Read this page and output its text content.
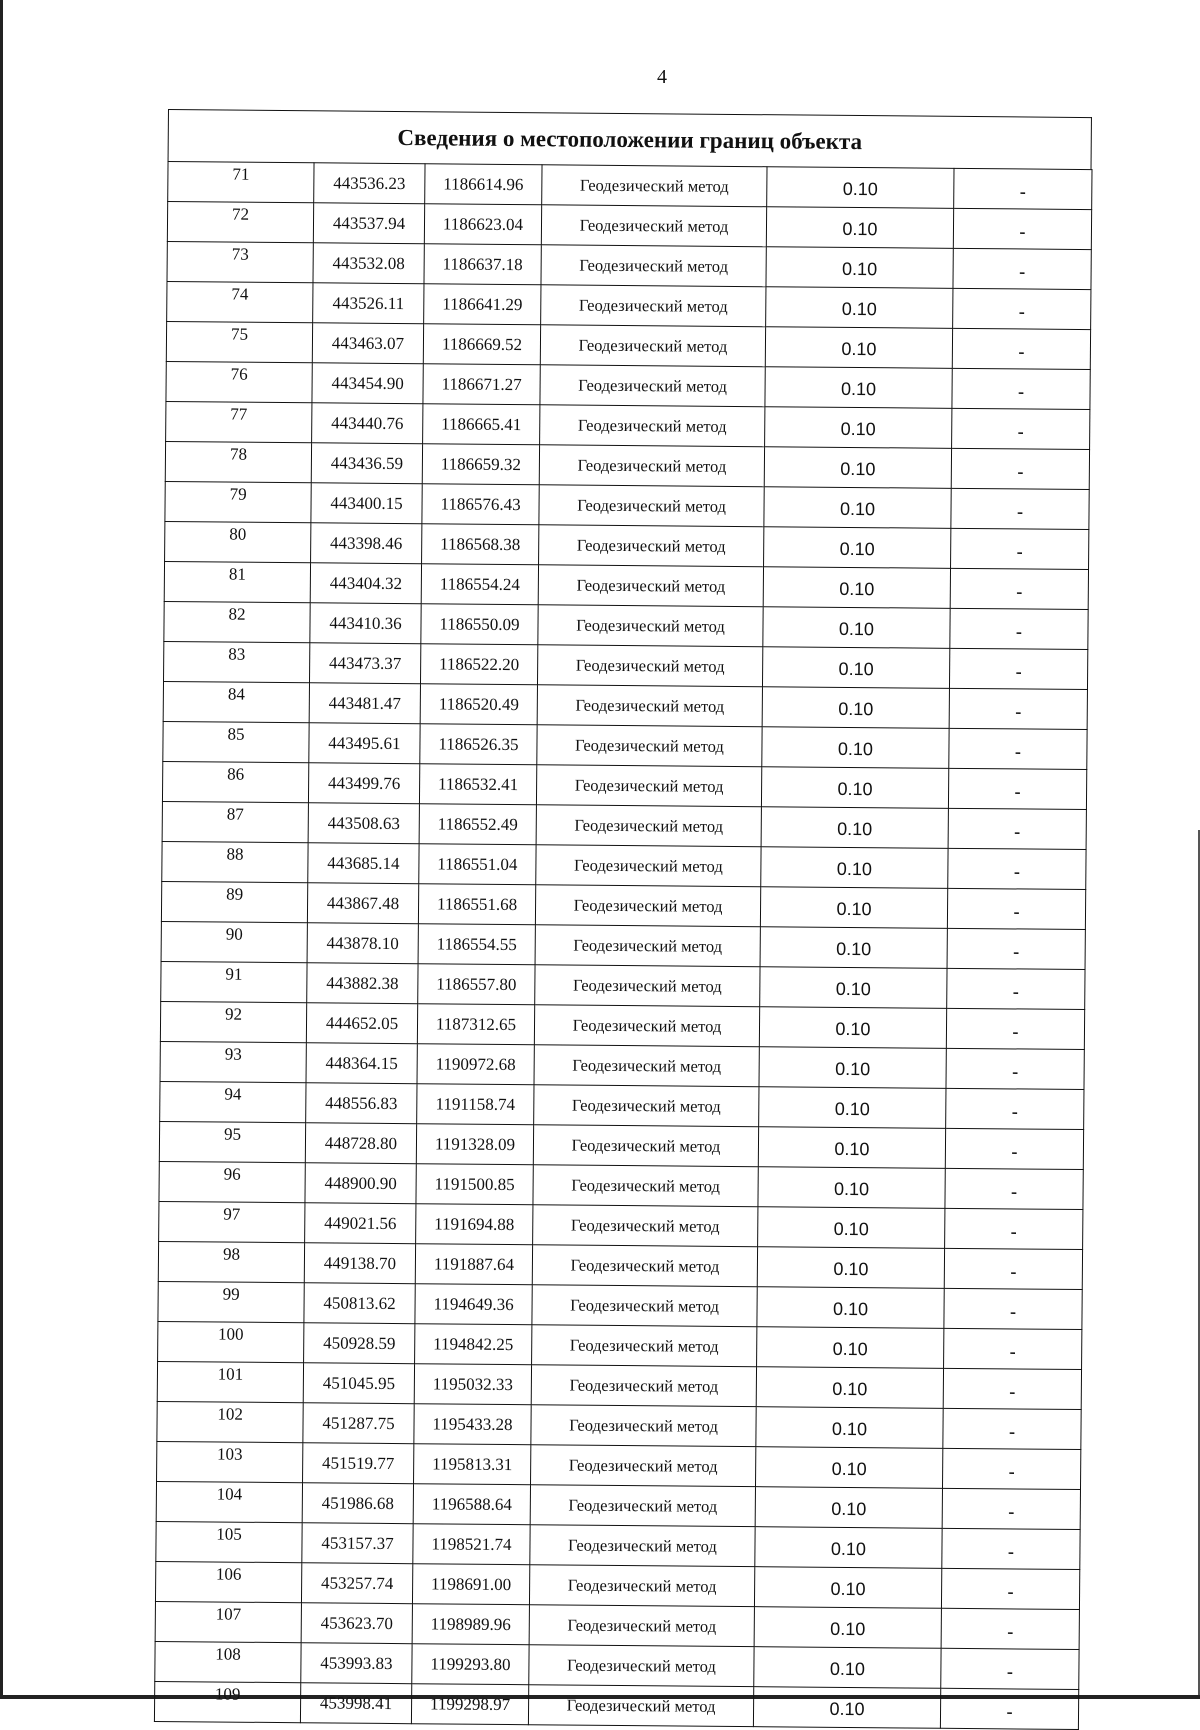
4
Сведения о местоположении границ объекта
71	443536.23	1186614.96	Геодезический метод	0.10	-
72	443537.94	1186623.04	Геодезический метод	0.10	-
73	443532.08	1186637.18	Геодезический метод	0.10	-
74	443526.11	1186641.29	Геодезический метод	0.10	-
75	443463.07	1186669.52	Геодезический метод	0.10	-
76	443454.90	1186671.27	Геодезический метод	0.10	-
77	443440.76	1186665.41	Геодезический метод	0.10	-
78	443436.59	1186659.32	Геодезический метод	0.10	-
79	443400.15	1186576.43	Геодезический метод	0.10	-
80	443398.46	1186568.38	Геодезический метод	0.10	-
81	443404.32	1186554.24	Геодезический метод	0.10	-
82	443410.36	1186550.09	Геодезический метод	0.10	-
83	443473.37	1186522.20	Геодезический метод	0.10	-
84	443481.47	1186520.49	Геодезический метод	0.10	-
85	443495.61	1186526.35	Геодезический метод	0.10	-
86	443499.76	1186532.41	Геодезический метод	0.10	-
87	443508.63	1186552.49	Геодезический метод	0.10	-
88	443685.14	1186551.04	Геодезический метод	0.10	-
89	443867.48	1186551.68	Геодезический метод	0.10	-
90	443878.10	1186554.55	Геодезический метод	0.10	-
91	443882.38	1186557.80	Геодезический метод	0.10	-
92	444652.05	1187312.65	Геодезический метод	0.10	-
93	448364.15	1190972.68	Геодезический метод	0.10	-
94	448556.83	1191158.74	Геодезический метод	0.10	-
95	448728.80	1191328.09	Геодезический метод	0.10	-
96	448900.90	1191500.85	Геодезический метод	0.10	-
97	449021.56	1191694.88	Геодезический метод	0.10	-
98	449138.70	1191887.64	Геодезический метод	0.10	-
99	450813.62	1194649.36	Геодезический метод	0.10	-
100	450928.59	1194842.25	Геодезический метод	0.10	-
101	451045.95	1195032.33	Геодезический метод	0.10	-
102	451287.75	1195433.28	Геодезический метод	0.10	-
103	451519.77	1195813.31	Геодезический метод	0.10	-
104	451986.68	1196588.64	Геодезический метод	0.10	-
105	453157.37	1198521.74	Геодезический метод	0.10	-
106	453257.74	1198691.00	Геодезический метод	0.10	-
107	453623.70	1198989.96	Геодезический метод	0.10	-
108	453993.83	1199293.80	Геодезический метод	0.10	-
109	453998.41	1199298.97	Геодезический метод	0.10	-
